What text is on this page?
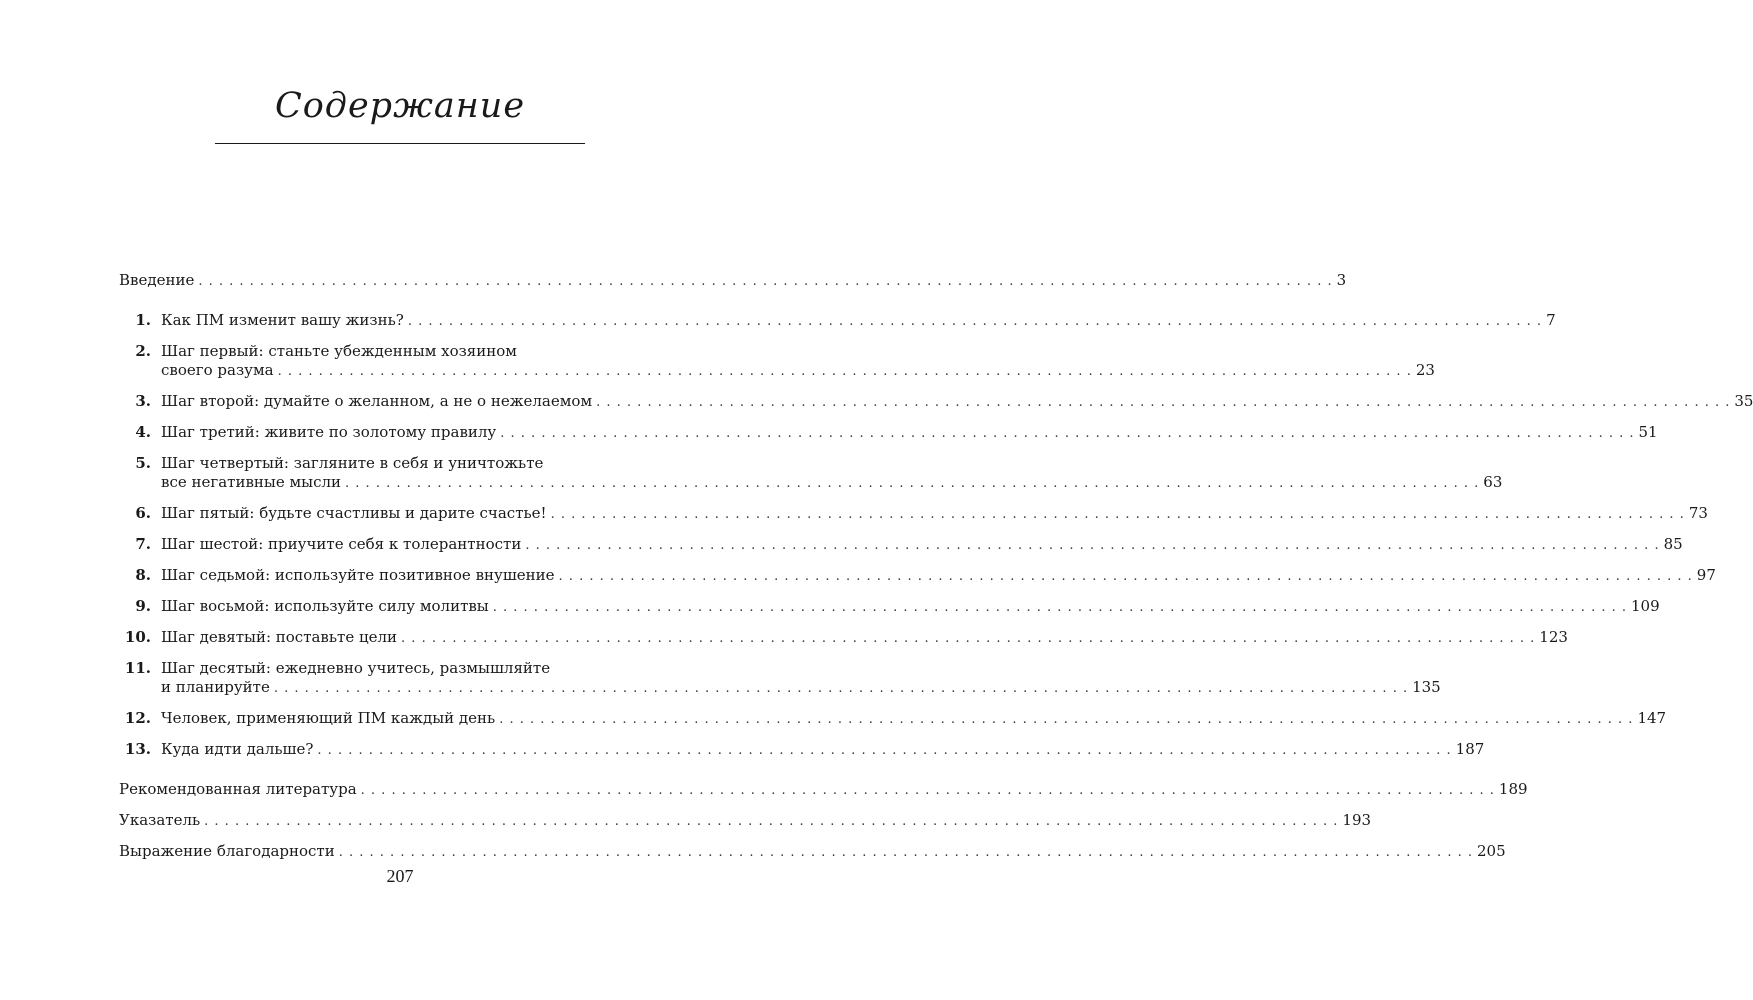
Содержание
Введение . . . . . . . . . . . . . . . . . . . . . . . . . . . . . . . . . . . . . . . . . . . . . . . . . . . . . . . . . . . . . . . . . . . . . . . . . . . . . . . . . . . . . . . . . . . . . . . . . . . . . . . . . . . . . . . 3
1. Как ПМ изменит вашу жизнь? . . . . . . . . . . . . . . . . . . . . . . . . . . . . . . . . . . . . . . . . . . . . . . . . . . . . . . . . . . . . . . . . . . . . . . . . . . . . . . . . . . . . . . . . . . . . . . . . . . . . . . . . . . . . . . . 7
2. Шаг первый: станьте убежденным хозяином
своего разума . . . . . . . . . . . . . . . . . . . . . . . . . . . . . . . . . . . . . . . . . . . . . . . . . . . . . . . . . . . . . . . . . . . . . . . . . . . . . . . . . . . . . . . . . . . . . . . . . . . . . . . . . . . . . . . 23
3. Шаг второй: думайте о желанном, а не о нежелаемом . . . . . . . . . . . . . . . . . . . . . . . . . . . . . . . . . . . . . . . . . . . . . . . . . . . . . . . . . . . . . . . . . . . . . . . . . . . . . . . . . . . . . . . . . . . . . . . . . . . . . . . . . . . . . . . 35
4. Шаг третий: живите по золотому правилу . . . . . . . . . . . . . . . . . . . . . . . . . . . . . . . . . . . . . . . . . . . . . . . . . . . . . . . . . . . . . . . . . . . . . . . . . . . . . . . . . . . . . . . . . . . . . . . . . . . . . . . . . . . . . . . 51
5. Шаг четвертый: загляните в себя и уничтожьте
все негативные мысли . . . . . . . . . . . . . . . . . . . . . . . . . . . . . . . . . . . . . . . . . . . . . . . . . . . . . . . . . . . . . . . . . . . . . . . . . . . . . . . . . . . . . . . . . . . . . . . . . . . . . . . . . . . . . . . 63
6. Шаг пятый: будьте счастливы и дарите счастье! . . . . . . . . . . . . . . . . . . . . . . . . . . . . . . . . . . . . . . . . . . . . . . . . . . . . . . . . . . . . . . . . . . . . . . . . . . . . . . . . . . . . . . . . . . . . . . . . . . . . . . . . . . . . . . . 73
7. Шаг шестой: приучите себя к толерантности . . . . . . . . . . . . . . . . . . . . . . . . . . . . . . . . . . . . . . . . . . . . . . . . . . . . . . . . . . . . . . . . . . . . . . . . . . . . . . . . . . . . . . . . . . . . . . . . . . . . . . . . . . . . . . . 85
8. Шаг седьмой: используйте позитивное внушение . . . . . . . . . . . . . . . . . . . . . . . . . . . . . . . . . . . . . . . . . . . . . . . . . . . . . . . . . . . . . . . . . . . . . . . . . . . . . . . . . . . . . . . . . . . . . . . . . . . . . . . . . . . . . . . 97
9. Шаг восьмой: используйте силу молитвы . . . . . . . . . . . . . . . . . . . . . . . . . . . . . . . . . . . . . . . . . . . . . . . . . . . . . . . . . . . . . . . . . . . . . . . . . . . . . . . . . . . . . . . . . . . . . . . . . . . . . . . . . . . . . . . 109
10. Шаг девятый: поставьте цели . . . . . . . . . . . . . . . . . . . . . . . . . . . . . . . . . . . . . . . . . . . . . . . . . . . . . . . . . . . . . . . . . . . . . . . . . . . . . . . . . . . . . . . . . . . . . . . . . . . . . . . . . . . . . . . 123
11. Шаг десятый: ежедневно учитесь, размышляйте
и планируйте . . . . . . . . . . . . . . . . . . . . . . . . . . . . . . . . . . . . . . . . . . . . . . . . . . . . . . . . . . . . . . . . . . . . . . . . . . . . . . . . . . . . . . . . . . . . . . . . . . . . . . . . . . . . . . . 135
12. Человек, применяющий ПМ каждый день . . . . . . . . . . . . . . . . . . . . . . . . . . . . . . . . . . . . . . . . . . . . . . . . . . . . . . . . . . . . . . . . . . . . . . . . . . . . . . . . . . . . . . . . . . . . . . . . . . . . . . . . . . . . . . . 147
13. Куда идти дальше? . . . . . . . . . . . . . . . . . . . . . . . . . . . . . . . . . . . . . . . . . . . . . . . . . . . . . . . . . . . . . . . . . . . . . . . . . . . . . . . . . . . . . . . . . . . . . . . . . . . . . . . . . . . . . . . 187
Рекомендованная литература . . . . . . . . . . . . . . . . . . . . . . . . . . . . . . . . . . . . . . . . . . . . . . . . . . . . . . . . . . . . . . . . . . . . . . . . . . . . . . . . . . . . . . . . . . . . . . . . . . . . . . . . . . . . . . . 189
Указатель . . . . . . . . . . . . . . . . . . . . . . . . . . . . . . . . . . . . . . . . . . . . . . . . . . . . . . . . . . . . . . . . . . . . . . . . . . . . . . . . . . . . . . . . . . . . . . . . . . . . . . . . . . . . . . . 193
Выражение благодарности . . . . . . . . . . . . . . . . . . . . . . . . . . . . . . . . . . . . . . . . . . . . . . . . . . . . . . . . . . . . . . . . . . . . . . . . . . . . . . . . . . . . . . . . . . . . . . . . . . . . . . . . . . . . . . . 205
207
